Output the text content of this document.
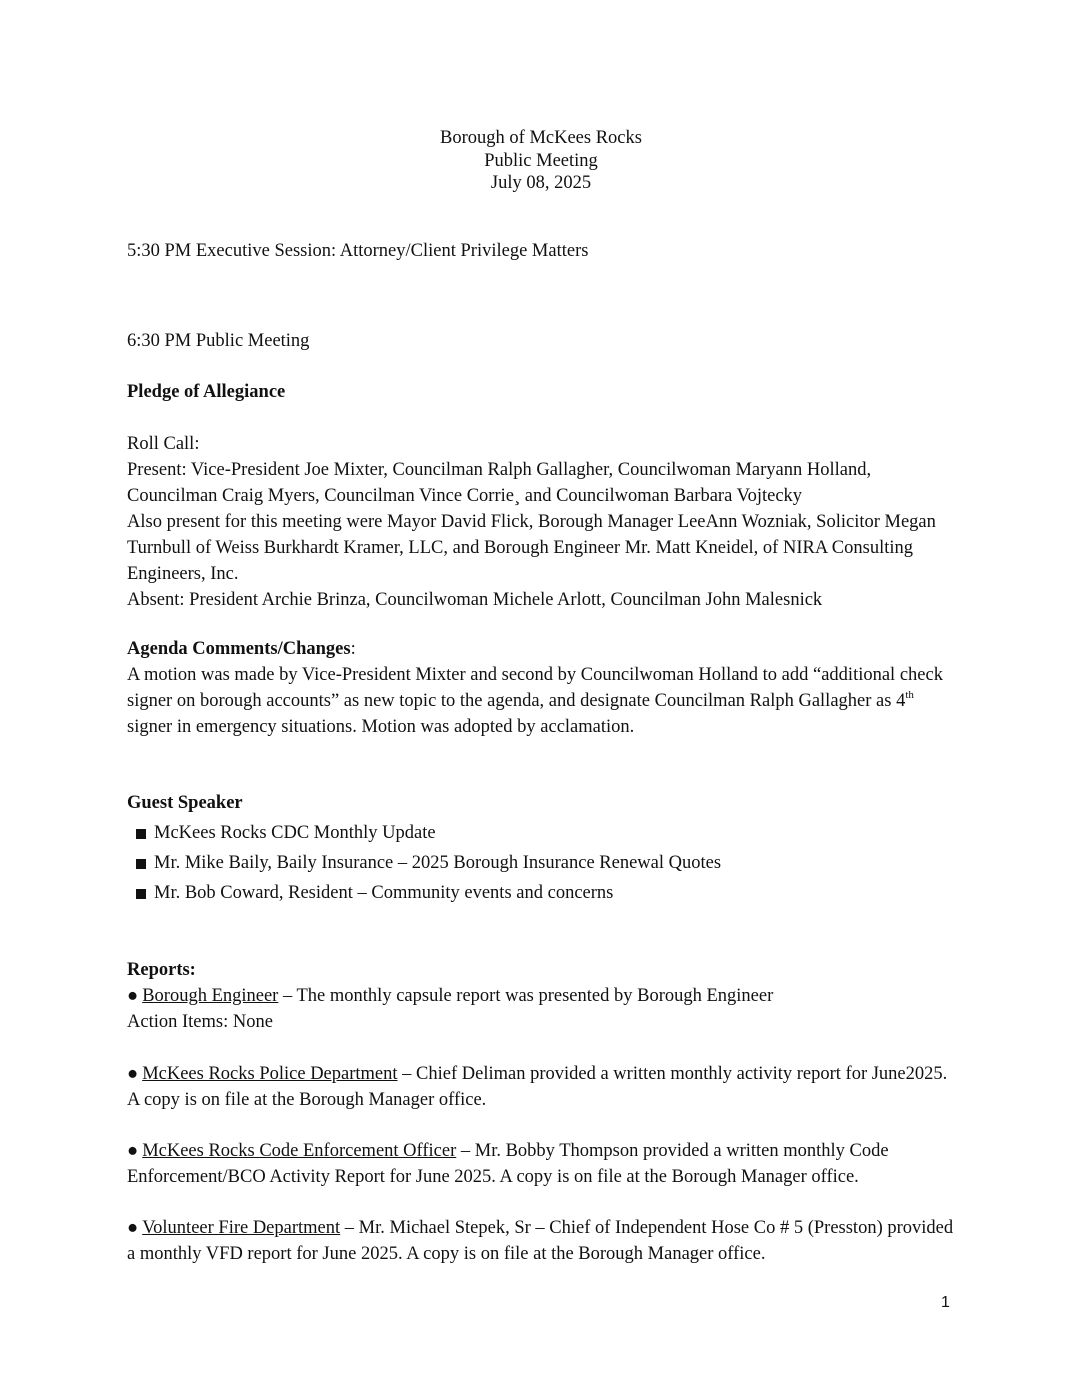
Borough of McKees Rocks
Public Meeting
July 08, 2025
5:30 PM Executive Session: Attorney/Client Privilege Matters
6:30 PM Public Meeting
Pledge of Allegiance
Roll Call:
Present: Vice-President Joe Mixter, Councilman Ralph Gallagher, Councilwoman Maryann Holland, Councilman Craig Myers, Councilman Vince Corrie¸ and Councilwoman Barbara Vojtecky
Also present for this meeting were Mayor David Flick, Borough Manager LeeAnn Wozniak, Solicitor Megan Turnbull of Weiss Burkhardt Kramer, LLC, and Borough Engineer Mr. Matt Kneidel, of NIRA Consulting Engineers, Inc.
Absent: President Archie Brinza, Councilwoman Michele Arlott, Councilman John Malesnick
Agenda Comments/Changes:
A motion was made by Vice-President Mixter and second by Councilwoman Holland to add “additional check signer on borough accounts” as new topic to the agenda, and designate Councilman Ralph Gallagher as 4th signer in emergency situations. Motion was adopted by acclamation.
Guest Speaker
McKees Rocks CDC Monthly Update
Mr. Mike Baily, Baily Insurance – 2025 Borough Insurance Renewal Quotes
Mr. Bob Coward, Resident – Community events and concerns
Reports:
● Borough Engineer – The monthly capsule report was presented by Borough Engineer
Action Items: None
● McKees Rocks Police Department – Chief Deliman provided a written monthly activity report for June2025. A copy is on file at the Borough Manager office.
● McKees Rocks Code Enforcement Officer – Mr. Bobby Thompson provided a written monthly Code Enforcement/BCO Activity Report for June 2025. A copy is on file at the Borough Manager office.
● Volunteer Fire Department – Mr. Michael Stepek, Sr – Chief of Independent Hose Co # 5 (Presston) provided a monthly VFD report for June 2025. A copy is on file at the Borough Manager office.
1
